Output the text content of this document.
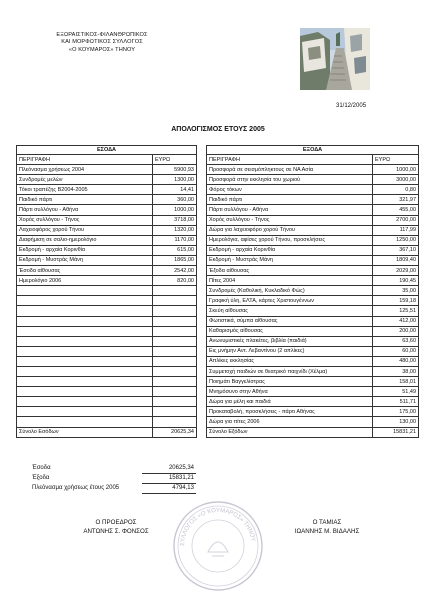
ΕΞΩΡΑΙΣΤΙΚΟΣ-ΦΙΛΑΝΘΡΩΠΙΚΟΣ
ΚΑΙ ΜΟΡΦΩΤΙΚΟΣ ΣΥΛΛΟΓΟΣ
«Ο ΚΟΥΜΑΡΟΣ» ΤΗΝΟΥ
31/12/2005
ΑΠΟΛΟΓΙΣΜΟΣ ΕΤΟΥΣ 2005
ΕΣΟΔΑ	
ΠΕΡΙΓΡΑΦΗ	ΕΥΡΩ
Πλεόνασμα χρήσεως 2004	5900,93
Συνδρομές μελών	1300,00
Τόκοι τραπέζης Β2004-2005	14,41
Παιδικό πάρτι	360,00
Πάρτι συλλόγου - Αθήνα	1000,00
Χορός συλλόγου - Τήνος	3718,00
Λαχειοφόρος χορού Τήνου	1320,00
Διαφήμιση σε σαλιο-ημερολόγιο	1170,00
Εκδρομή - αρχαία Κορινθία	615,00
Εκδρομή - Μυστράς Μάνη	1865,00
Έσοδα αίθουσας	2542,00
Ημερολόγιο 2006	820,00

Σύνολο Εσόδων	20625,34
ΕΞΟΔΑ	
ΠΕΡΙΓΡΑΦΗ	ΕΥΡΩ
Προσφορά σε σεισμόπληκτους σε ΝΑ Ασία	1000,00
Προσφορά στην εκκλησία του χωριού	3000,00
Φόρος τόκων	0,80
Παιδικό πάρτι	321,97
Πάρτι συλλόγου - Αθήνα	455,00
Χορός συλλόγου - Τήνος	2700,00
Δώρα για λαχειοφόρο χορού Τήνου	117,99
Ημερολόγια, αφίσες χορού Τήνου, προσκλήσεις	1250,00
Εκδρομή - αρχαία Κορινθία	367,10
Εκδρομή - Μυστράς Μάνη	1809,40
Έξοδα αίθουσας	2029,00
Πίτες 2004	190,45
Συνδρομές (Καθολική, Κυκλαδικό Φώς)	35,00
Γραφική ύλη, ΕΛΤΑ, κάρτες Χριστουγέννων	159,18
Σκεύη αίθουσας	125,51
Φωτιστικά, σύμπα αίθουσας	412,00
Καθαρισμός αίθουσας	200,00
Ανωνυμιστικές πλακέτες, βιβλία (παιδιά)	63,60
Εις μνήμην Αντ. Λεβαντίνου (2 απλίκες)	60,00
Απλίκες εκκλησίας	480,00
Συμμετοχή παιδιών σε θεατρικό παιχνίδι (Χέλμα)	38,00
Ποιημάτι Βαγγελίστρας	158,01
Μνημόσυνο στην Αθήνα	51,49
Δώρα για μέλη και παιδιά	511,71
Προκαταβολή, προσκλήσεις - πάρτι Αθήνας	175,00
Δώρα για πίτες 2006	130,00
Σύνολο Εξόδων	15831,21
Έσοδα	20625,34
Έξοδα	15831,21
Πλεόνασμα χρήσεως έτους 2005	4794,13
ΣΥΛΛΟΓΟΣ «Ο ΚΟΥΜΑΡΟΣ» ΤΗΝΟΥ
Ο ΠΡΟΕΔΡΟΣ
ΑΝΤΩΝΗΣ Σ. ΦΟΝΣΟΣ
Ο ΤΑΜΙΑΣ
ΙΩΑΝΝΗΣ Μ. ΒΙΔΑΛΗΣ
